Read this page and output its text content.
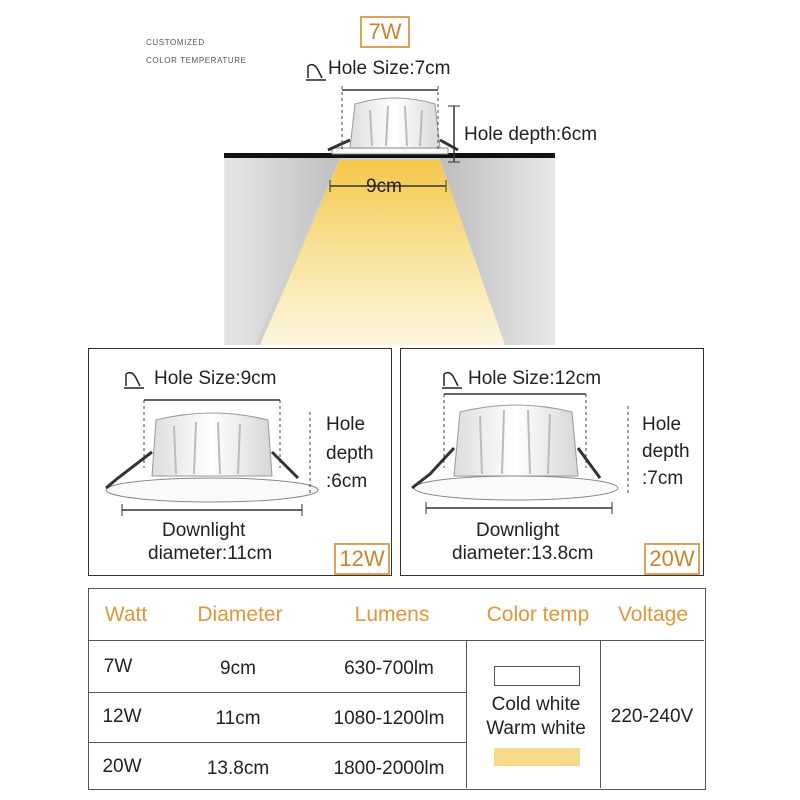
CUSTOMIZED
COLOR TEMPERATURE
7W
Hole Size:7cm
Hole depth:6cm
9cm
Hole Size:9cm
Hole
depth
:6cm
Downlight
diameter:11cm	12W
Hole Size:12cm
Hole
depth
:7cm
Downlight
diameter:13.8cm	20W
Watt	Diameter	Lumens	Color temp	Voltage
7W	9cm	630-700lm
12W	11cm	1080-1200lm
20W	13.8cm	1800-2000lm
Cold white
Warm white
220-240V
